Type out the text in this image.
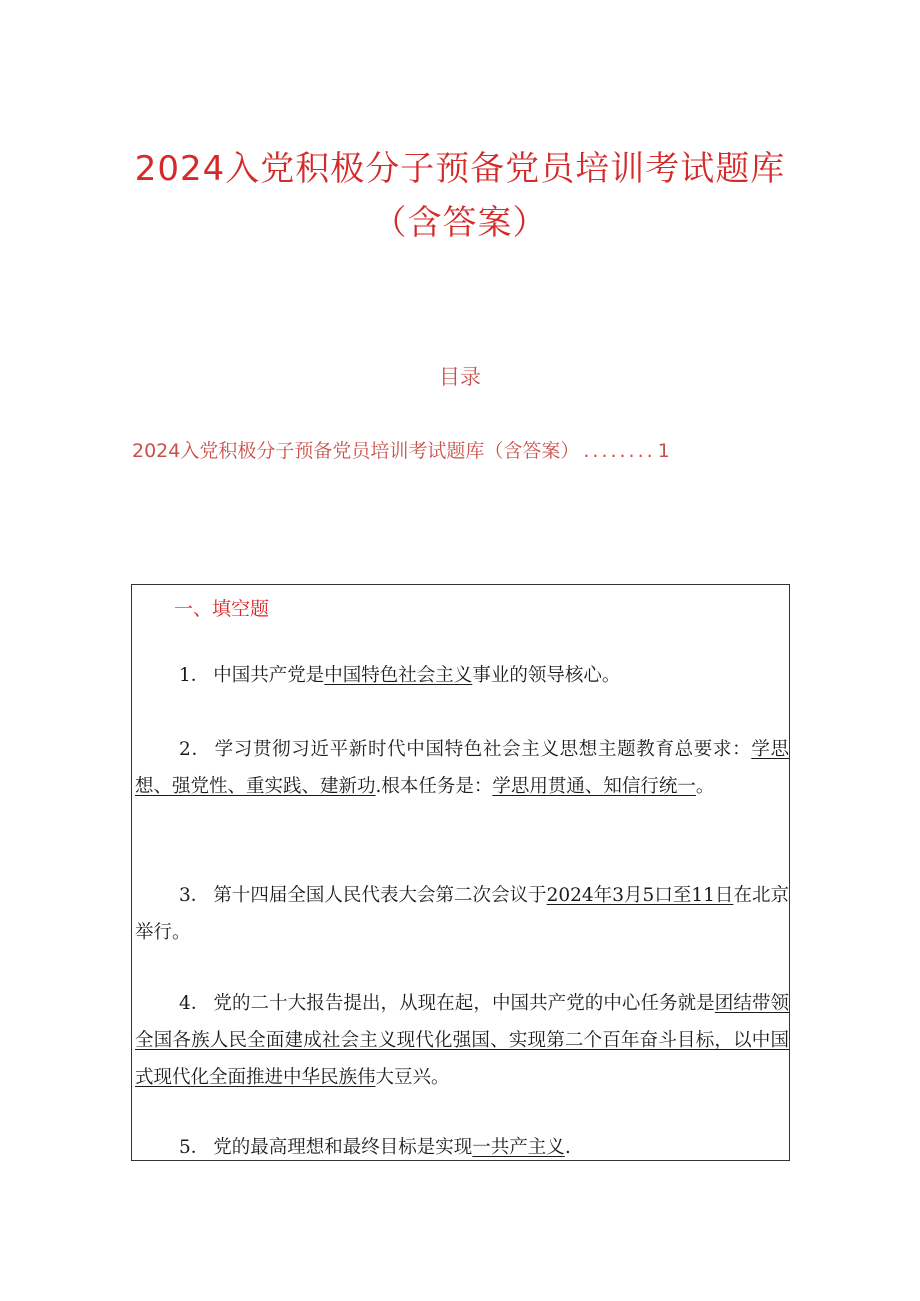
2024入党积极分子预备党员培训考试题库（含答案）
目录
2024入党积极分子预备党员培训考试题库（含答案） ........ 1
一、填空题

1． 中国共产党是中国特色社会主义事业的领导核心。

2． 学习贯彻习近平新时代中国特色社会主义思想主题教育总要求：学思想、强党性、重实践、建新功.根本任务是：学思用贯通、知信行统一。

3． 第十四届全国人民代表大会第二次会议于2024年3月5口至11日在北京举行。

4． 党的二十大报告提出，从现在起，中国共产党的中心任务就是团结带领全国各族人民全面建成社会主义现代化强国、实现第二个百年奋斗目标，以中国式现代化全面推进中华民族伟大豆兴。

5． 党的最高理想和最终目标是实现一共产主义.
